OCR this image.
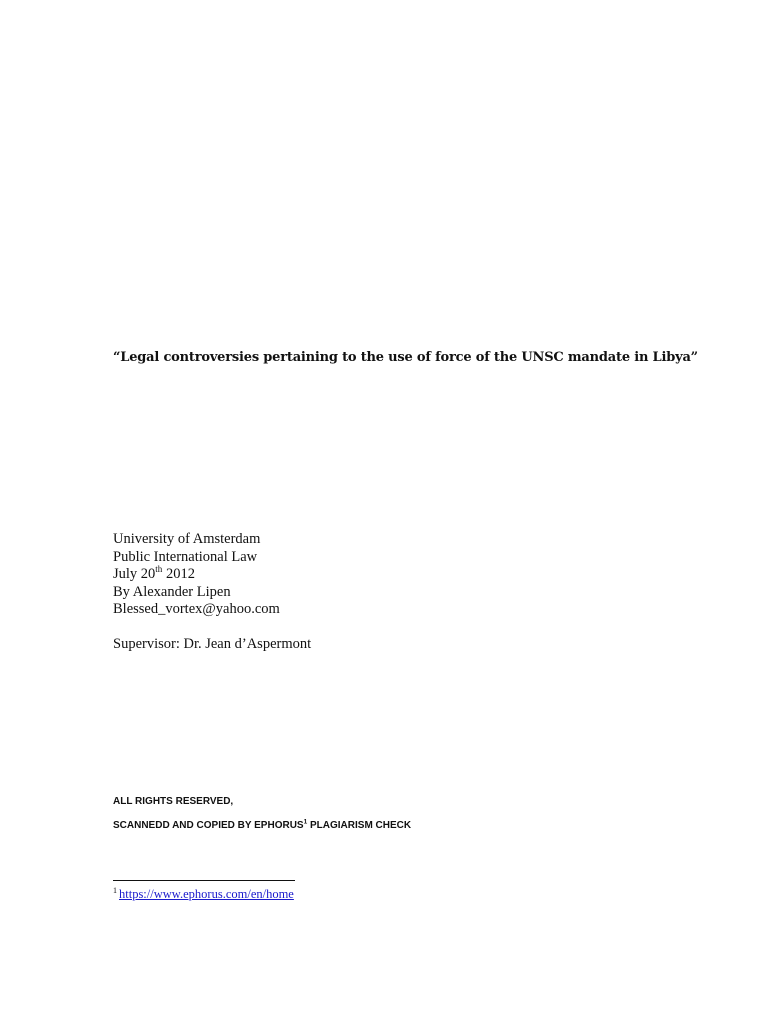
“Legal controversies pertaining to the use of force of the UNSC mandate in Libya”
University of Amsterdam
Public International Law
July 20th 2012
By Alexander Lipen
Blessed_vortex@yahoo.com
Supervisor: Dr. Jean d’Aspermont
ALL RIGHTS RESERVED,
SCANNEDD AND COPIED BY EPHORUS$^1$ PLAGIARISM CHECK
$^1$ https://www.ephorus.com/en/home
